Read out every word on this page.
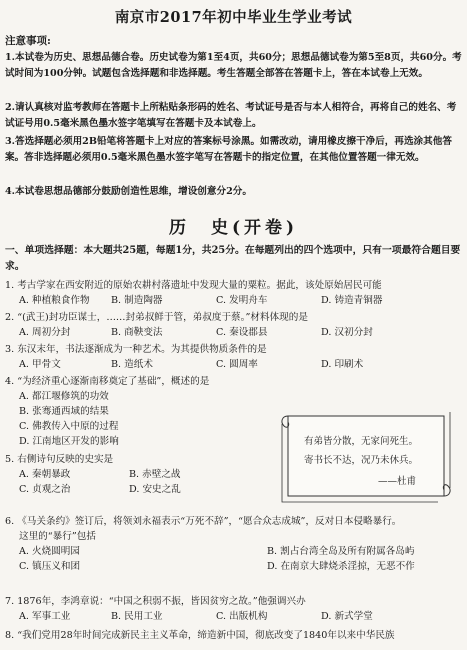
南京市2017年初中毕业生学业考试
注意事项:
1.本试卷为历史、思想品德合卷。历史试卷为第1至4页，共60分；思想品德试卷为第5至8页，共60分。考试时间为100分钟。试题包含选择题和非选择题。考生答题全部答在答题卡上，答在本试卷上无效。
2.请认真核对监考教师在答题卡上所粘贴条形码的姓名、考试证号是否与本人相符合，再将自己的姓名、考试证号用0.5毫米黑色墨水签字笔填写在答题卡及本试卷上。
3.答选择题必须用2B铅笔将答题卡上对应的答案标号涂黑。如需改动，请用橡皮擦干净后，再选涂其他答案。答非选择题必须用0.5毫米黑色墨水签字笔写在答题卡的指定位置，在其他位置答题一律无效。
4.本试卷思想品德部分鼓励创造性思维，增设创意分2分。
历　史(开卷)
一、单项选择题：本大题共25题，每题1分，共25分。在每题列出的四个选项中，只有一项最符合题目要求。
1. 考古学家在西安附近的原始农耕村落遗址中发现大量的粟粒。据此，该处原始居民可能
A. 种植粮食作物	B. 制造陶器	C. 发明舟车	D. 铸造青铜器
2. “(武王)封功臣谋士，……封弟叔鲜于管，弟叔度于蔡。”材料体现的是
A. 周初分封	B. 商鞅变法	C. 秦设郡县	D. 汉初分封
3. 东汉末年，书法逐渐成为一种艺术。为其提供物质条件的是
A. 甲骨文	B. 造纸术	C. 圆周率	D. 印刷术
4. “为经济重心逐渐南移奠定了基础”，概述的是
A. 都江堰修筑的功效
B. 张骞通西域的结果
C. 佛教传入中原的过程
D. 江南地区开发的影响
5. 右侧诗句反映的史实是
A. 秦朝暴政	B. 赤壁之战
C. 贞观之治	D. 安史之乱
有弟皆分散，无家问死生。
寄书长不达，况乃未休兵。
——杜甫
6. 《马关条约》签订后，将领刘永福表示“万死不辞”，“愿合众志成城”，反对日本侵略暴行。
这里的“暴行”包括
A. 火烧圆明园	B. 割占台湾全岛及所有附属各岛屿
C. 镇压义和团	D. 在南京大肆烧杀淫掠，无恶不作
7. 1876年，李鸿章说：“中国之积弱不振，皆因贫穷之故。”他强调兴办
A. 军事工业	B. 民用工业	C. 出版机构	D. 新式学堂
8. “我们党用28年时间完成新民主主义革命，缔造新中国，彻底改变了1840年以来中华民族
